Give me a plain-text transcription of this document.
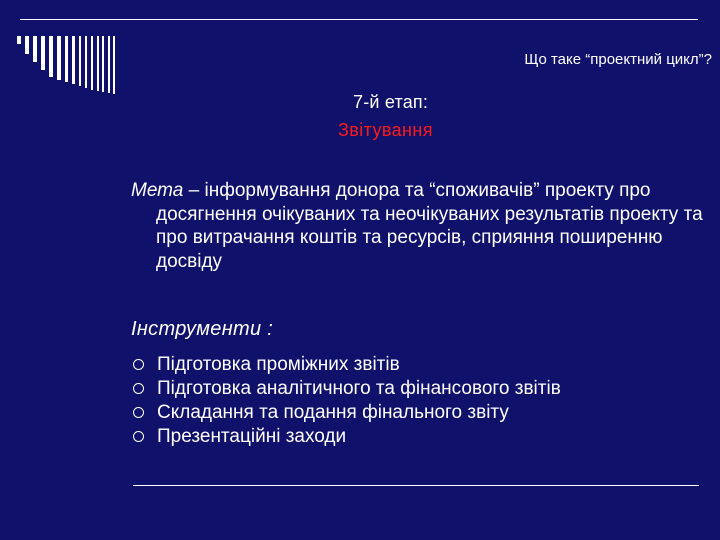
Що таке “проектний цикл”?
7-й етап:
Звітування
Мета – інформування донора та “споживачів” проекту про досягнення очікуваних та неочікуваних результатів проекту та про витрачання коштів та ресурсів, сприяння поширенню досвіду
Інструменти :
Підготовка проміжних звітів
Підготовка аналітичного та фінансового звітів
Складання та подання фінального звіту
Презентаційні заходи
